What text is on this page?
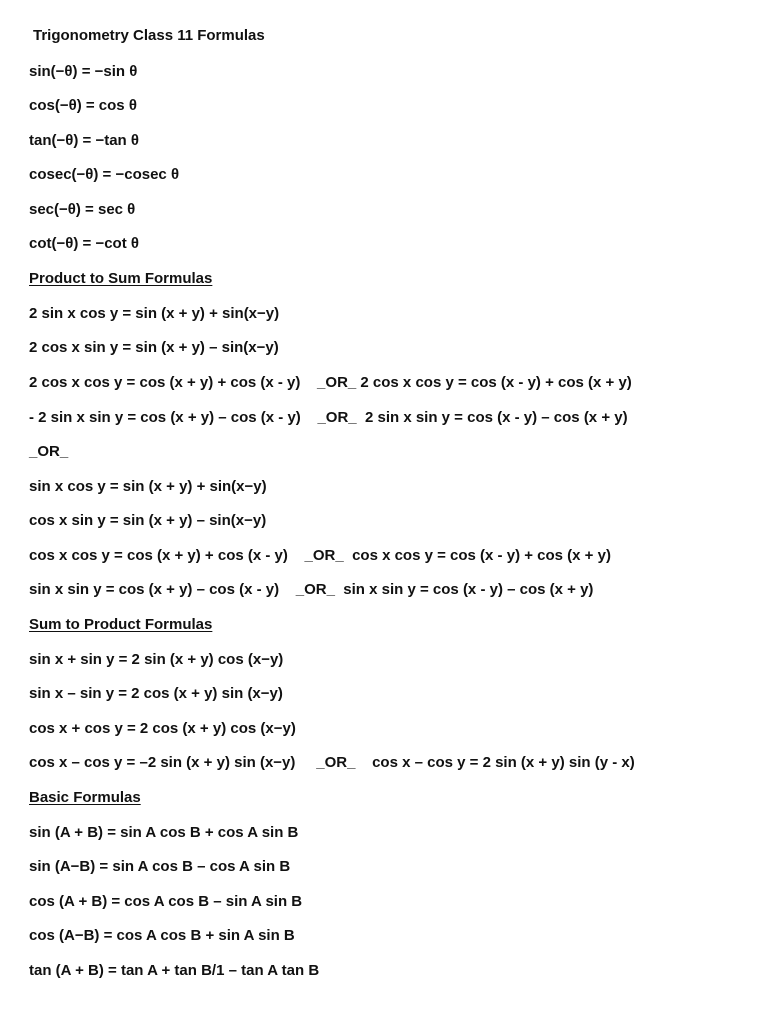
Trigonometry Class 11 Formulas
sin(−θ) = −sin θ
cos(−θ) = cos θ
tan(−θ) = −tan θ
cosec(−θ) = −cosec θ
sec(−θ) = sec θ
cot(−θ) = −cot θ
Product to Sum Formulas
2 sin x cos y = sin (x + y) + sin(x−y)
2 cos x sin y = sin (x + y) – sin(x−y)
2 cos x cos y = cos (x + y) + cos (x - y)    _OR_ 2 cos x cos y = cos (x - y) + cos (x + y)
- 2 sin x sin y = cos (x + y) – cos (x - y)    _OR_  2 sin x sin y = cos (x - y) – cos (x + y)
_OR_
sin x cos y = sin (x + y) + sin(x−y)
cos x sin y = sin (x + y) – sin(x−y)
cos x cos y = cos (x + y) + cos (x - y)    _OR_  cos x cos y = cos (x - y) + cos (x + y)
sin x sin y = cos (x + y) – cos (x - y)    _OR_  sin x sin y = cos (x - y) – cos (x + y)
Sum to Product Formulas
sin x + sin y = 2 sin (x + y) cos (x−y)
sin x – sin y = 2 cos (x + y) sin (x−y)
cos x + cos y = 2 cos (x + y) cos (x−y)
cos x – cos y = –2 sin (x + y) sin (x−y)     _OR_    cos x – cos y = 2 sin (x + y) sin (y - x)
Basic Formulas
sin (A + B) = sin A cos B + cos A sin B
sin (A−B) = sin A cos B – cos A sin B
cos (A + B) = cos A cos B – sin A sin B
cos (A−B) = cos A cos B + sin A sin B
tan (A + B) = tan A + tan B/1 – tan A tan B
